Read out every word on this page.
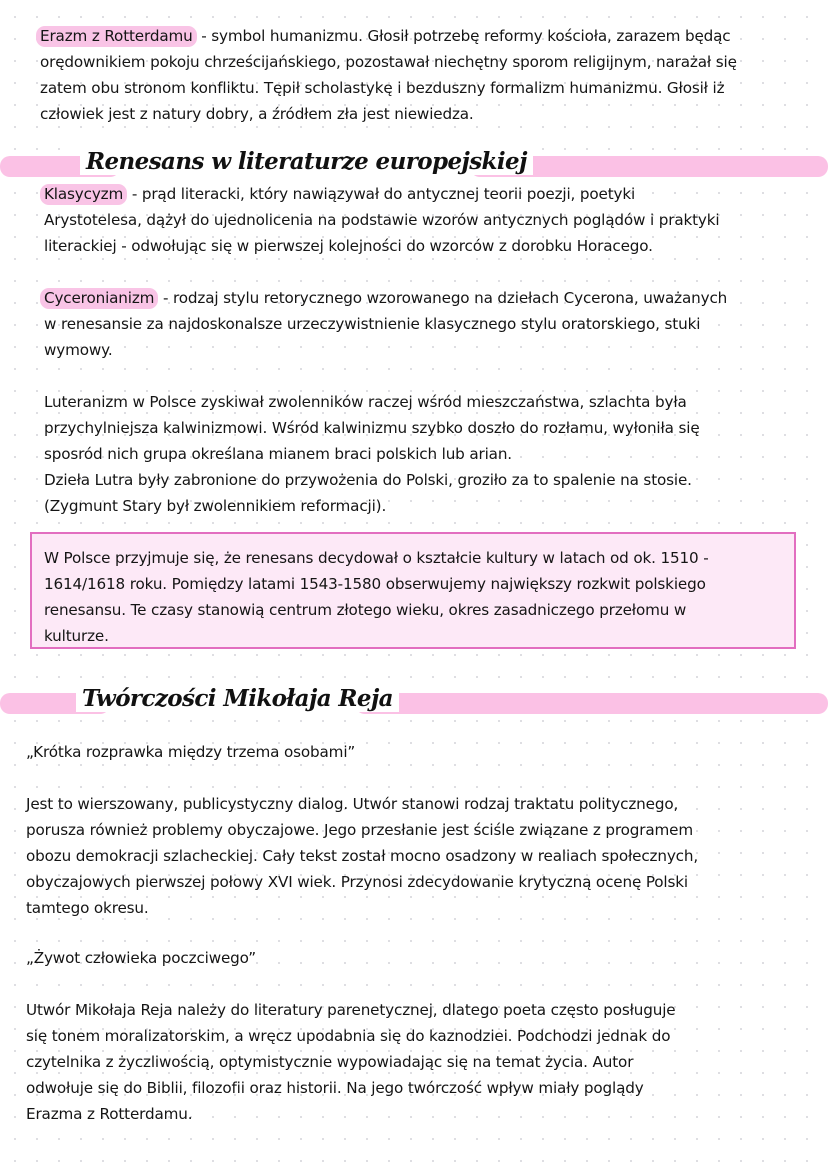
Erazm z Rotterdamu - symbol humanizmu. Głosił potrzebę reformy kościoła, zarazem będąc
orędownikiem pokoju chrześcijańskiego, pozostawał niechętny sporom religijnym, narażał się
zatem obu stronom konfliktu. Tępił scholastykę i bezduszny formalizm humanizmu. Głosił iż
człowiek jest z natury dobry, a źródłem zła jest niewiedza.
Renesans w literaturze europejskiej
Klasycyzm - prąd literacki, który nawiązywał do antycznej teorii poezji, poetyki
Arystotelesa, dążył do ujednolicenia na podstawie wzorów antycznych poglądów i praktyki
literackiej - odwołując się w pierwszej kolejności do wzorców z dorobku Horacego.
Cyceronianizm - rodzaj stylu retorycznego wzorowanego na dziełach Cycerona, uważanych
w renesansie za najdoskonalsze urzeczywistnienie klasycznego stylu oratorskiego, stuki
wymowy.
Luteranizm w Polsce zyskiwał zwolenników raczej wśród mieszczaństwa, szlachta była
przychylniejsza kalwinizmowi. Wśród kalwinizmu szybko doszło do rozłamu, wyłoniła się
sposród nich grupa określana mianem braci polskich lub arian.
Dzieła Lutra były zabronione do przywożenia do Polski, groziło za to spalenie na stosie.
(Zygmunt Stary był zwolennikiem reformacji).
W Polsce przyjmuje się, że renesans decydował o kształcie kultury w latach od ok. 1510 -
1614/1618 roku. Pomiędzy latami 1543-1580 obserwujemy największy rozkwit polskiego
renesansu. Te czasy stanowią centrum złotego wieku, okres zasadniczego przełomu w
kulturze.
Twórczości Mikołaja Reja
„Krótka rozprawka między trzema osobami”
Jest to wierszowany, publicystyczny dialog. Utwór stanowi rodzaj traktatu politycznego,
porusza również problemy obyczajowe. Jego przesłanie jest ściśle związane z programem
obozu demokracji szlacheckiej. Cały tekst został mocno osadzony w realiach społecznych,
obyczajowych pierwszej połowy XVI wiek. Przynosi zdecydowanie krytyczną ocenę Polski
tamtego okresu.
„Żywot człowieka poczciwego”
Utwór Mikołaja Reja należy do literatury parenetycznej, dlatego poeta często posługuje
się tonem moralizatorskim, a wręcz upodabnia się do kaznodziei. Podchodzi jednak do
czytelnika z życzliwością, optymistycznie wypowiadając się na temat życia. Autor
odwołuje się do Biblii, filozofii oraz historii. Na jego twórczość wpływ miały poglądy
Erazma z Rotterdamu.
